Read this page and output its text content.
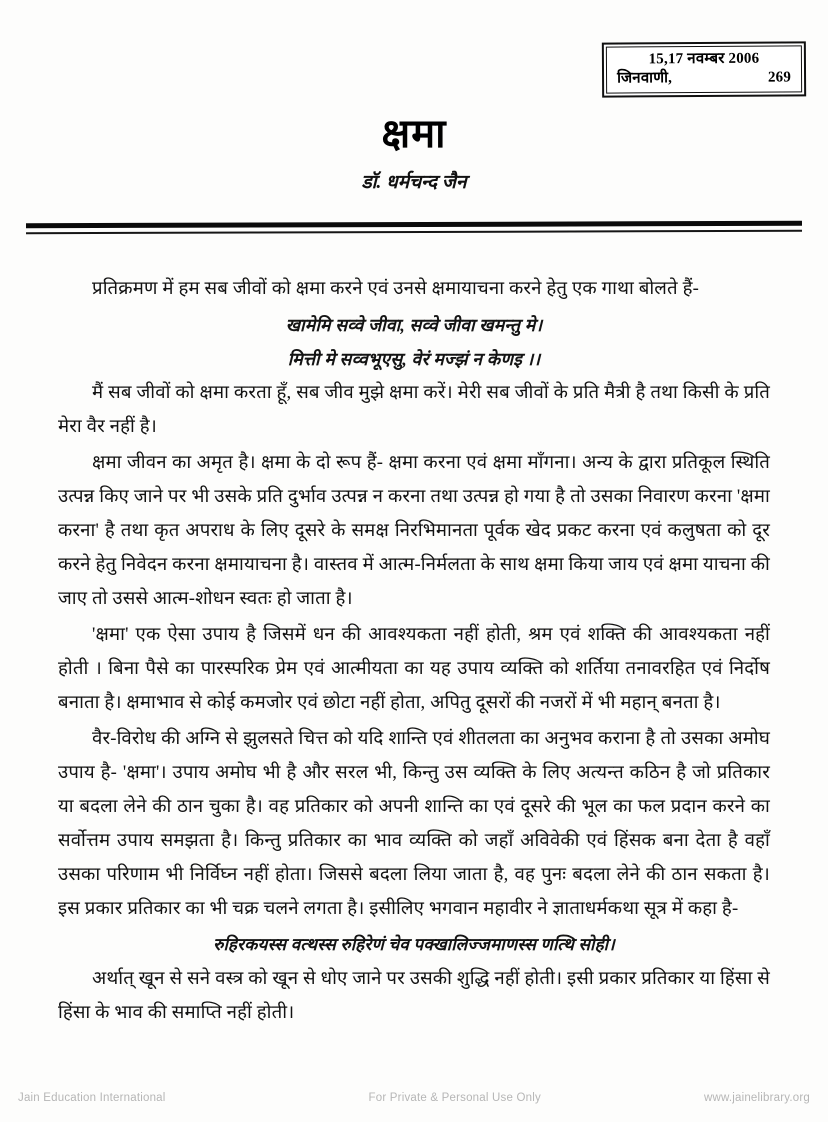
15,17 नवम्बर 2006
जिनवाणी,	269
क्षमा
डॉ. धर्मचन्द जैन

प्रतिक्रमण में हम सब जीवों को क्षमा करने एवं उनसे क्षमायाचना करने हेतु एक गाथा बोलते हैं-

खामेमि सव्वे जीवा, सव्वे जीवा खमन्तु मे।

मित्ती मे सव्वभूएसु, वेरं मज्झं न केणइ ।।

मैं सब जीवों को क्षमा करता हूँ, सब जीव मुझे क्षमा करें। मेरी सब जीवों के प्रति मैत्री है तथा किसी के प्रति मेरा वैर नहीं है।

क्षमा जीवन का अमृत है। क्षमा के दो रूप हैं- क्षमा करना एवं क्षमा माँगना। अन्य के द्वारा प्रतिकूल स्थिति उत्पन्न किए जाने पर भी उसके प्रति दुर्भाव उत्पन्न न करना तथा उत्पन्न हो गया है तो उसका निवारण करना 'क्षमा करना' है तथा कृत अपराध के लिए दूसरे के समक्ष निरभिमानता पूर्वक खेद प्रकट करना एवं कलुषता को दूर करने हेतु निवेदन करना क्षमायाचना है। वास्तव में आत्म-निर्मलता के साथ क्षमा किया जाय एवं क्षमा याचना की जाए तो उससे आत्म-शोधन स्वतः हो जाता है।

'क्षमा' एक ऐसा उपाय है जिसमें धन की आवश्यकता नहीं होती, श्रम एवं शक्ति की आवश्यकता नहीं होती । बिना पैसे का पारस्परिक प्रेम एवं आत्मीयता का यह उपाय व्यक्ति को शर्तिया तनावरहित एवं निर्दोष बनाता है। क्षमाभाव से कोई कमजोर एवं छोटा नहीं होता, अपितु दूसरों की नजरों में भी महान् बनता है।

वैर-विरोध की अग्नि से झुलसते चित्त को यदि शान्ति एवं शीतलता का अनुभव कराना है तो उसका अमोघ उपाय है- 'क्षमा'। उपाय अमोघ भी है और सरल भी, किन्तु उस व्यक्ति के लिए अत्यन्त कठिन है जो प्रतिकार या बदला लेने की ठान चुका है। वह प्रतिकार को अपनी शान्ति का एवं दूसरे की भूल का फल प्रदान करने का सर्वोत्तम उपाय समझता है। किन्तु प्रतिकार का भाव व्यक्ति को जहाँ अविवेकी एवं हिंसक बना देता है वहाँ उसका परिणाम भी निर्विघ्न नहीं होता। जिससे बदला लिया जाता है, वह पुनः बदला लेने की ठान सकता है। इस प्रकार प्रतिकार का भी चक्र चलने लगता है। इसीलिए भगवान महावीर ने ज्ञाताधर्मकथा सूत्र में कहा है-

रुहिरकयस्स वत्थस्स रुहिरेणं चेव पक्खालिज्जमाणस्स णत्थि सोही।

अर्थात् खून से सने वस्त्र को खून से धोए जाने पर उसकी शुद्धि नहीं होती। इसी प्रकार प्रतिकार या हिंसा से हिंसा के भाव की समाप्ति नहीं होती।

Jain Education International	For Private & Personal Use Only	www.jainelibrary.org
